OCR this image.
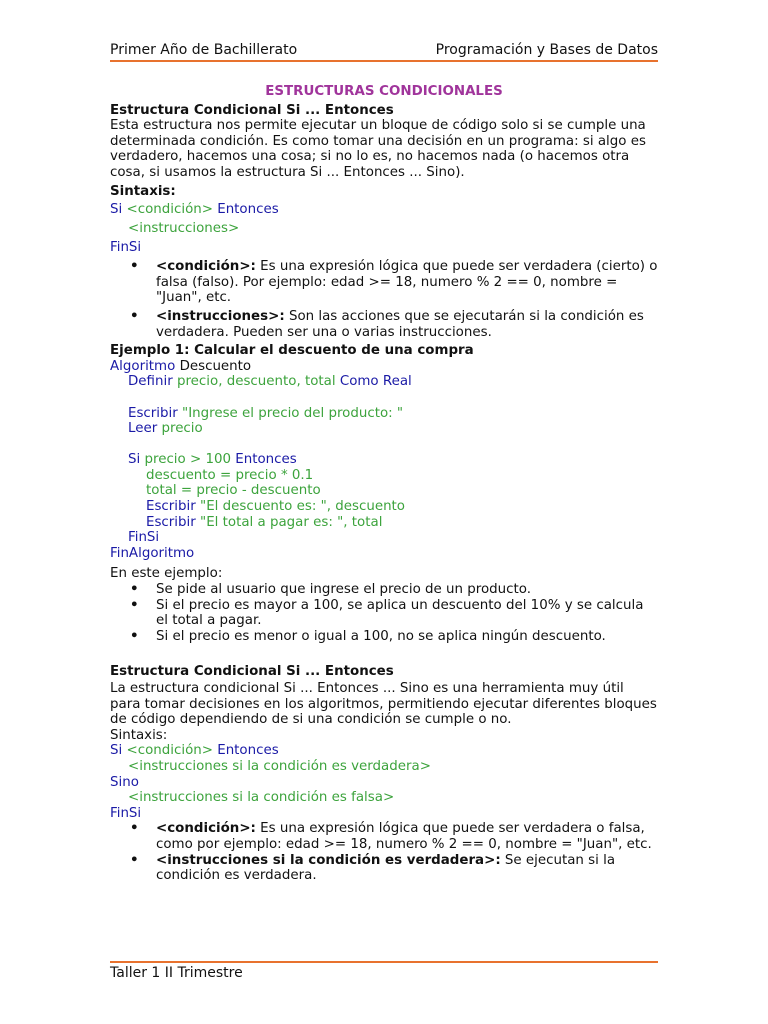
Primer Año de Bachillerato	Programación y Bases de Datos
ESTRUCTURAS CONDICIONALES

Estructura Condicional Si ... Entonces

Esta estructura nos permite ejecutar un bloque de código solo si se cumple una determinada condición. Es como tomar una decisión en un programa: si algo es verdadero, hacemos una cosa; si no lo es, no hacemos nada (o hacemos otra cosa, si usamos la estructura Si ... Entonces ... Sino).

Sintaxis:

Si <condición> Entonces
<instrucciones>
FinSi
• <condición>: Es una expresión lógica que puede ser verdadera (cierto) o falsa (falso). Por ejemplo: edad >= 18, numero % 2 == 0, nombre = "Juan", etc.
• <instrucciones>: Son las acciones que se ejecutarán si la condición es verdadera. Pueden ser una o varias instrucciones.

Ejemplo 1: Calcular el descuento de una compra

Algoritmo Descuento
Definir precio, descuento, total Como Real
Escribir "Ingrese el precio del producto: "
Leer precio
Si precio > 100 Entonces
descuento = precio * 0.1
total = precio - descuento
Escribir "El descuento es: ", descuento
Escribir "El total a pagar es: ", total
FinSi
FinAlgoritmo

En este ejemplo:

• Se pide al usuario que ingrese el precio de un producto.
• Si el precio es mayor a 100, se aplica un descuento del 10% y se calcula el total a pagar.
• Si el precio es menor o igual a 100, no se aplica ningún descuento.

Estructura Condicional Si ... Entonces

La estructura condicional Si ... Entonces ... Sino es una herramienta muy útil para tomar decisiones en los algoritmos, permitiendo ejecutar diferentes bloques de código dependiendo de si una condición se cumple o no.

Sintaxis:

Si <condición> Entonces
<instrucciones si la condición es verdadera>
Sino
<instrucciones si la condición es falsa>
FinSi
• <condición>: Es una expresión lógica que puede ser verdadera o falsa, como por ejemplo: edad >= 18, numero % 2 == 0, nombre = "Juan", etc.
• <instrucciones si la condición es verdadera>: Se ejecutan si la condición es verdadera.
Taller 1 II Trimestre
